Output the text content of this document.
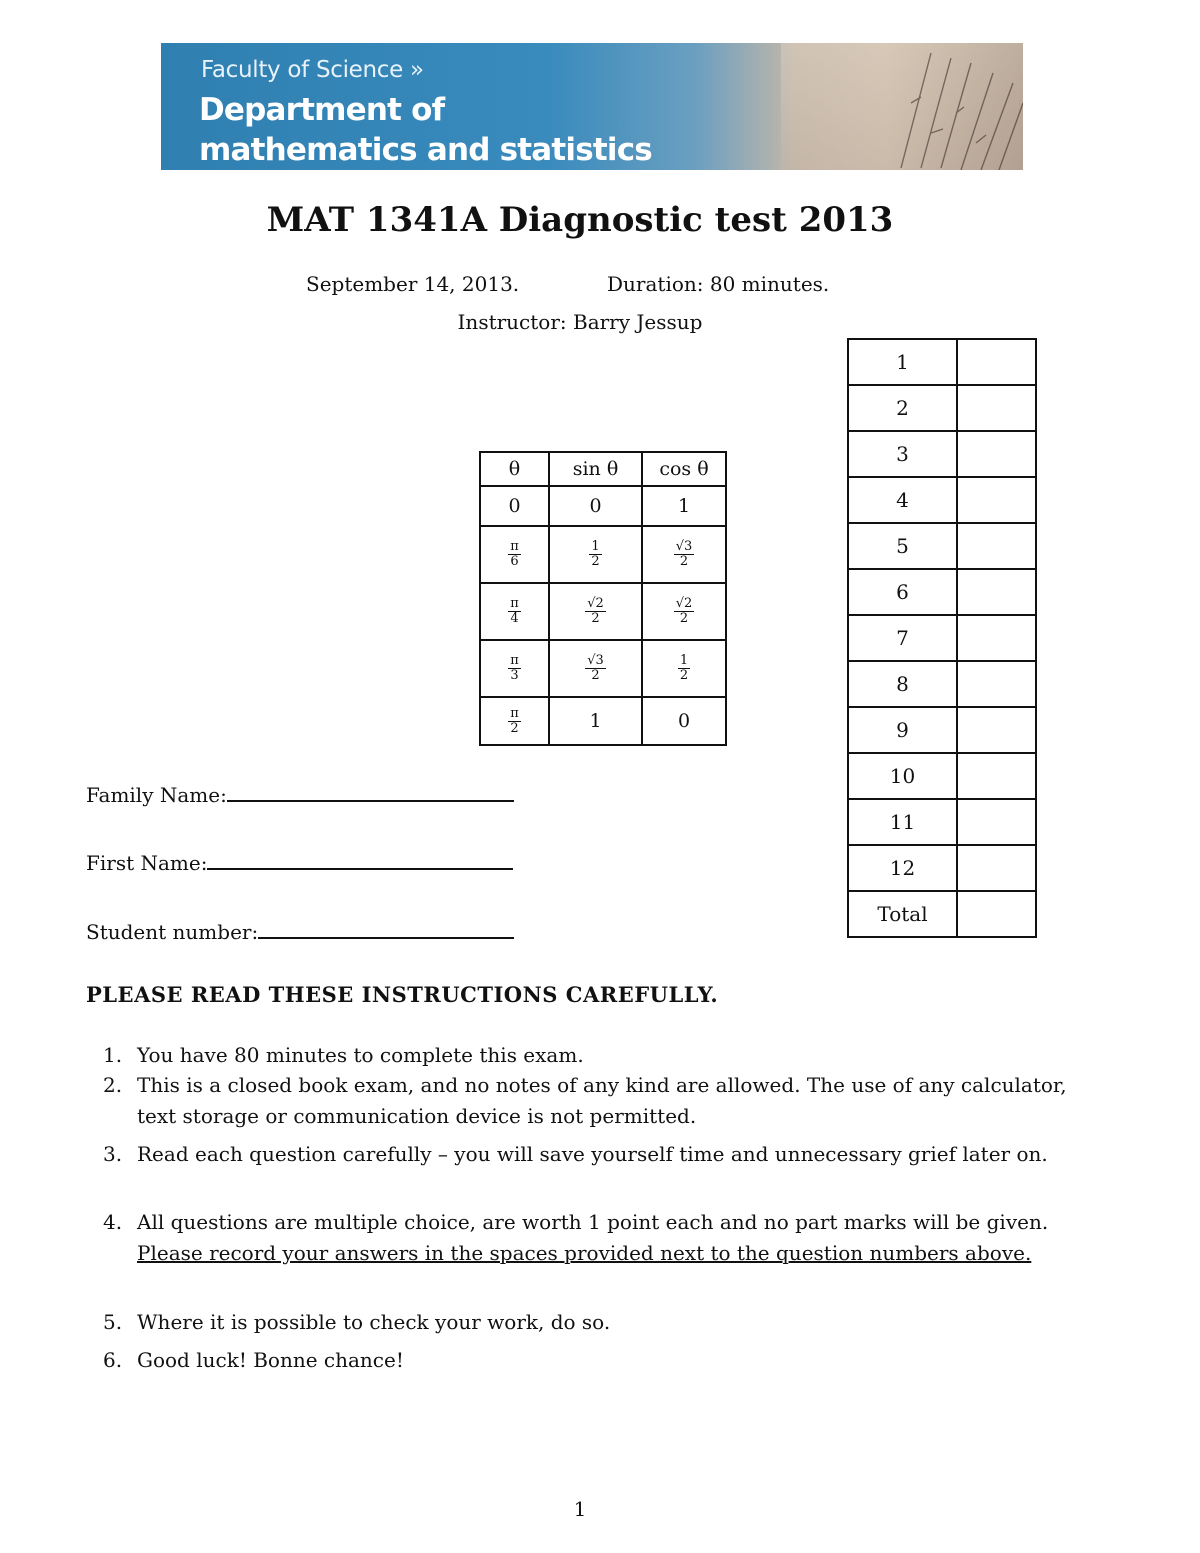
Faculty of Science »
Department of
mathematics and statistics
MAT 1341A Diagnostic test 2013
September 14, 2013.	Duration: 80 minutes.
Instructor: Barry Jessup
θ	sin θ	cos θ
0	0	1

$\frac{\pi}{6}$	$\frac{1}{2}$	$\frac{√3}{2}$

$\frac{\pi}{4}$	$\frac{√2}{2}$	$\frac{√2}{2}$

$\frac{\pi}{3}$	$\frac{√3}{2}$	$\frac{1}{2}$

$\frac{\pi}{2}$	1	0
1	
2	
3	
4	
5	
6	
7	
8	
9	
10	
11	
12	
Total	
Family Name:
First Name:
Student number:
PLEASE READ THESE INSTRUCTIONS CAREFULLY.
1. You have 80 minutes to complete this exam.
2. This is a closed book exam, and no notes of any kind are allowed. The use of any calculator, text storage or communication device is not permitted.
3. Read each question carefully – you will save yourself time and unnecessary grief later on.
4. All questions are multiple choice, are worth 1 point each and no part marks will be given. Please record your answers in the spaces provided next to the question numbers above.
5. Where it is possible to check your work, do so.
6. Good luck! Bonne chance!
1
